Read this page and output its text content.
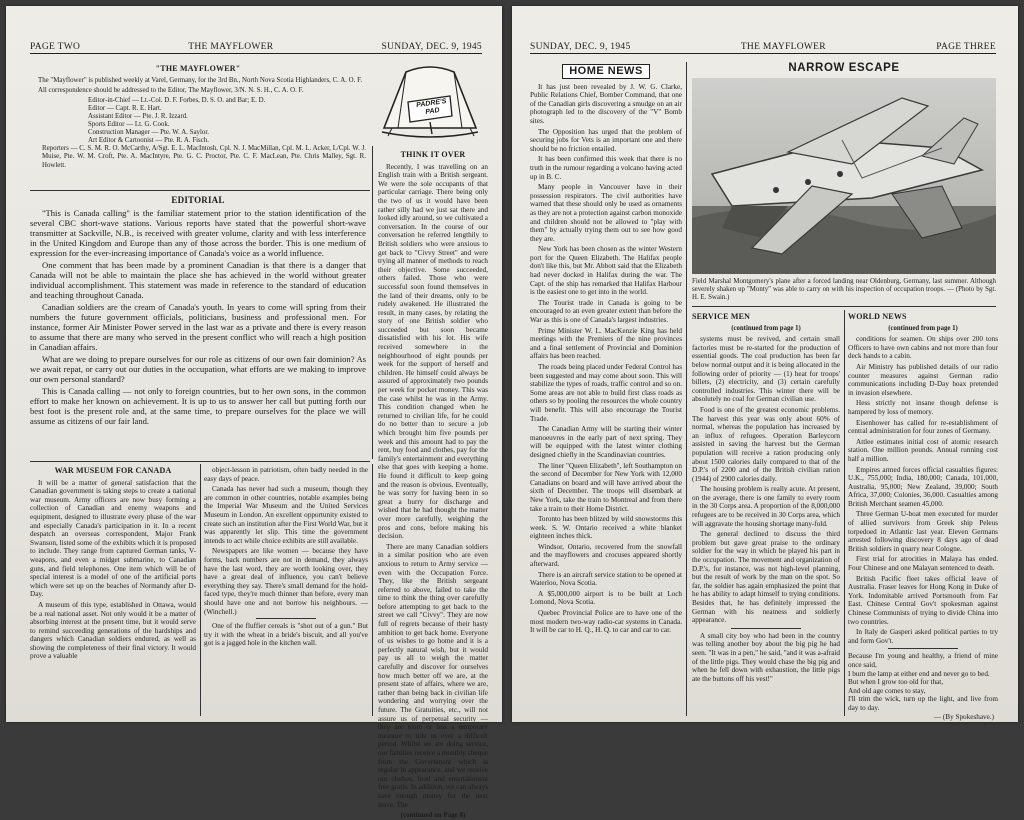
PAGE TWO	THE MAYFLOWER	SUNDAY, DEC. 9, 1945
"THE MAYFLOWER"

The "Mayflower" is published weekly at Varel, Germany, for the 3rd Bn., North Nova Scotia Highlanders, C. A. O. F.

All correspondence should be addressed to the Editor, The Mayflower, 3/N. N. S. H., C. A. O. F.

Editor-in-Chief — Lt.-Col. D. F. Forbes, D. S. O. and Bar; E. D.
Editor — Capt. R. E. Hart.
Assistant Editor — Pte. J. R. Izzard.
Sports Editor — Lt. G. Cook.
Construction Manager — Pte. W. A. Saylor.
Art Editor & Cartoonist — Pte. R. A. Fisch.
Reporters — C. S. M. R. O. McCarthy, A/Sgt. E. L. MacIntosh, Cpl. N. J. MacMillan, Cpl. M. L. Acker, L/Cpl. W. J. Muise, Pte. W. M. Croft, Pte. A. MacIntyre, Pte. G. C. Proctor, Pte. C. F. MacLean, Pte. Chris Malley, Sgt. R. Howlett.
PADRE'S PAD
EDITORIAL

"This is Canada calling" is the familiar statement prior to the station identification of the several CBC short-wave stations. Various reports have stated that the powerful short-wave transmitter at Sackville, N.B., is received with greater volume, clarity and with less interference in the United Kingdom and Europe than any of those across the border. This is one medium of expression for the ever-increasing importance of Canada's voice as a world influence.

One comment that has been made by a prominent Canadian is that there is a danger that Canada will not be able to maintain the place she has achieved in the world without greater individual accomplishment. This statement was made in reference to the standard of education and teaching throughout Canada.

Canadian soldiers are the cream of Canada's youth. In years to come will spring from their numbers the future government officials, politicians, business and professional men. For instance, former Air Minister Power served in the last war as a private and there is every reason to assume that there are many who served in the present conflict who will reach a high position in Canadian affairs.

What are we doing to prepare ourselves for our role as citizens of our own fair dominion? As we await repat, or carry out our duties in the occupation, what efforts are we making to improve our own personal standard?

This is Canada calling — not only to foreign countries, but to her own sons, in the common effort to make her known on achievement. It is up to us to answer her call but putting forth our best foot is the present role and, at the same time, to prepare ourselves for the place we will assume as citizens of our fair land.

THINK IT OVER

Recently, I was travelling on an English train with a British sergeant. We were the sole occupants of that particular carriage. There being only the two of us it would have been rather silly had we just sat there and looked idly around, so we cultivated a conversation. In the course of our conversation he referred lengthily to British soldiers who were anxious to get back to "Civvy Street" and were trying all manner of methods to reach their objective. Some succeeded, others failed. Those who were successful soon found themselves in the land of their dreams, only to be rudely awakened. He illustrated the result, in many cases, by relating the story of one British soldier who succeeded but soon became dissatisfied with his lot. His wife received somewhere in the neighbourhood of eight pounds per week for the support of herself and children. He himself could always be assured of approximately two pounds per week for pocket money. This was the case whilst he was in the Army. This condition changed when he returned to civilian life, for he could do no better than to secure a job which brought him five pounds per week and this amount had to pay the rent, buy food and clothes, pay for the family's entertainment and everything else that goes with keeping a home. He found it difficult to keep going and the reason is obvious. Eventually, he was sorry for having been in so great a hurry for discharge and wished that he had thought the matter over more carefully, weighing the pros and cons, before making his decision.

There are many Canadian soldiers in a similar position who are even anxious to return to Army service — even with the Occupation Force. They, like the British sergeant referred to above, failed to take the time to think the thing over carefully before attempting to get back to the street we call "Civvy". They are now full of regrets because of their hasty ambition to get back home. Everyone of us wishes to go home and it is a perfectly natural wish, but it would pay us all to weigh the matter carefully and discover for ourselves how much better off we are, at the present state of affairs, where we are, rather than being back in civilian life wondering and worrying over the future. The Gratuities, etc., will not assure us of perpetual security — they are more or less a temporary measure to tide us over a difficult period. Whilst we are doing service, our families receive a monthly cheque from the Government which is regular in appearance, and we receive our clothes, food and entertainment free gratis. In addition, we can always save enough money for the next leave. The

(continued on Page 8)
WAR MUSEUM FOR CANADA

It will be a matter of general satisfaction that the Canadian government is taking steps to create a national war museum. Army officers are now busy forming a collection of Canadian and enemy weapons and equipment, designed to illustrate every phase of the war and especially Canada's participation in it. In a recent despatch an overseas correspondent, Major Frank Swanson, listed some of the exhibits which it is proposed to include. They range from captured German tanks, V-weapons, and even a midget submarine, to Canadian guns, and field telephones. One item which will be of special interest is a model of one of the artificial ports which were set up on the beaches of Normandy after D-Day.

A museum of this type, established in Ottawa, would be a real national asset. Not only would it be a matter of absorbing interest at the present time, but it would serve to remind succeeding generations of the hardships and dangers which Canadian soldiers endured, as well as showing the completeness of their final victory. It would prove a valuable

object-lesson in patriotism, often badly needed in the easy days of peace.

Canada has never had such a museum, though they are common in other countries, notable examples being the Imperial War Museum and the United Services Museum in London. An excellent opportunity existed to create such an institution after the First World War, but it was apparently let slip. This time the government intends to act while choice exhibits are still available.

Newspapers are like women — because they have forms, back numbers are not in demand, they always have the last word, they are worth looking over, they have a great deal of influence, you can't believe everything they say. There's small demand for the hold-faced type, they're much thinner than before, every man should have one and not borrow his neighbours. — (Winchell.)

One of the fluffier cereals is "shot out of a gun." But try it with the wheat in a bride's biscuit, and all you've got is a jagged hole in the kitchen wall.

SUNDAY, DEC. 9, 1945	THE MAYFLOWER	PAGE THREE
HOME NEWS

It has just been revealed by J. W. G. Clarke, Public Relations Chief, Bomber Command, that one of the Canadian girls discovering a smudge on an air photograph led to the discovery of the "V" Bomb sites.

The Opposition has urged that the problem of securing jobs for Vets is an important one and there should be no friction entailed.

It has been confirmed this week that there is no truth in the rumour regarding a volcano having acted up in B. C.

Many people in Vancouver have in their possession respirators. The civil authorities have warned that these should only be used as ornaments as they are not a protection against carbon monoxide and children should not be allowed to "play with them" by actually trying them out to see how good they are.

New York has been chosen as the winter Western port for the Queen Elizabeth. The Halifax people don't like this, but Mr. Abbott said that the Elizabeth had never docked in Halifax during the war. The Capt. of the ship has remarked that Halifax Harbour is the easiest one to get into in the world.

The Tourist trade in Canada is going to be encouraged to an even greater extent than before the War as this is one of Canada's largest industries.

Prime Minister W. L. MacKenzie King has held meetings with the Premiers of the nine provinces and a final settlement of Provincial and Dominion affairs has been reached.

The roads being placed under Federal Control has been suggested and may come about soon. This will stabilize the types of roads, traffic control and so on. Some areas are not able to build first class roads as others so by pooling the resources the whole country will benefit. This will also encourage the Tourist Trade.

The Canadian Army will be starting their winter manoeuvres in the early part of next spring. They will be equipped with the latest winter clothing designed chiefly in the Scandinavian countries.

The liner "Queen Elizabeth", left Southampton on the second of December for New York with 12,000 Canadians on board and will have arrived about the sixth of December. The troops will disembark at New York, take the train to Montreal and from there take a train to their Home District.

Toronto has been blitzed by wild snowstorms this week. S. W. Ontario received a white blanket eighteen inches thick.

Windsor, Ontario, recovered from the snowfall and the mayflowers and crocuses appeared shortly afterward.

There is an aircraft service station to be opened at Waterloo, Nova Scotia.

A $5,000,000 airport is to be built at Loch Lomond, Nova Scotia.

Quebec Provincial Police are to have one of the most modern two-way radio-car systems in Canada. It will be car to H. Q., H. Q. to car and car to car.

NARROW ESCAPE
Field Marshal Montgomery's plane after a forced landing near Oldenburg, Germany, last summer. Although severely shaken up "Monty" was able to carry on with his inspection of occupation troops. — (Photo by Sgt. H. E. Swain.)
SERVICE MEN
(continued from page 1)

systems must be revived, and certain small factories must be re-started for the production of essential goods. The coal production has been far below normal output and it is being allocated in the following order of priority — (1) heat for troops' billets, (2) electricity, and (3) certain carefully controlled industries. This winter there will be absolutely no coal for German civilian use.

Food is one of the greatest economic problems. The harvest this year was only about 60% of normal, whereas the population has increased by an influx of refugees. Operation Barleycorn assisted in saving the harvest but the German population will receive a ration producing only about 1500 calories daily compared to that of the D.P.'s of 2200 and of the British civilian ration (1944) of 2900 calories daily.

The housing problem is really acute. At present, on the average, there is one family to every room in the 30 Corps area. A proportion of the 8,000,000 refugees are to be received in 30 Corps area, which will aggravate the housing shortage many-fold.

The general declined to discuss the third problem but gave great praise to the ordinary soldier for the way in which he played his part in the occupation. The movement and organization of D.P.'s, for instance, was not high-level planning, but the result of work by the man on the spot. So far, the soldier has again emphasized the point that he has ability to adapt himself to trying conditions. Besides that, he has definitely impressed the German with his neatness and soldierly appearance.

A small city boy who had been in the country was telling another boy about the big pig he had seen. "It was in a pen," he said, "and it was a-afraid of the little pigs. They would chase the big pig and when he fell down with exhaustion, the little pigs ate the buttons off his vest!"

WORLD NEWS
(continued from page 1)

conditions for seamen. On ships over 200 tons Officers to have own cabins and not more than four deck hands to a cabin.

Air Ministry has published details of our radio counter measures against German radio communications including D-Day hoax pretended in invasion elsewhere.

Hess strictly not insane though defense is hampered by loss of memory.

Eisenhower has called for re-establishment of central administration for four zones of Germany.

Attlee estimates initial cost of atomic research station. One million pounds. Annual running cost half a million.

Empires armed forces official casualties figures: U.K., 755,000; India, 180,000; Canada, 101,000, Australia, 95,000; New Zealand, 39,000; South Africa, 37,000; Colonies, 36,000. Casualties among British Merchant seamen 45,000.

Three German U-boat men executed for murder of allied survivors from Greek ship Peleus torpedoed in Atlantic last year. Eleven Germans arrested following discovery 8 days ago of dead British soldiers in quarry near Cologne.

First trial for atrocities in Malaya has ended. Four Chinese and one Malayan sentenced to death.

British Pacific fleet takes official leave of Australia. Fraser leaves for Hong Kong in Duke of York. Indomitable arrived Portsmouth from Far East. Chinese Central Gov't spokesman against Chinese Communists of trying to divide China into two countries.

In Italy de Gasperi asked political parties to try and form Gov't.

Because I'm young and healthy, a friend of mine once said,

I burn the lamp at either end and never go to bed.

But when I grow too old for that,

And old age comes to stay,

I'll trim the wick, turn up the light, and live from day to day.

— (By Spokeshave.)
